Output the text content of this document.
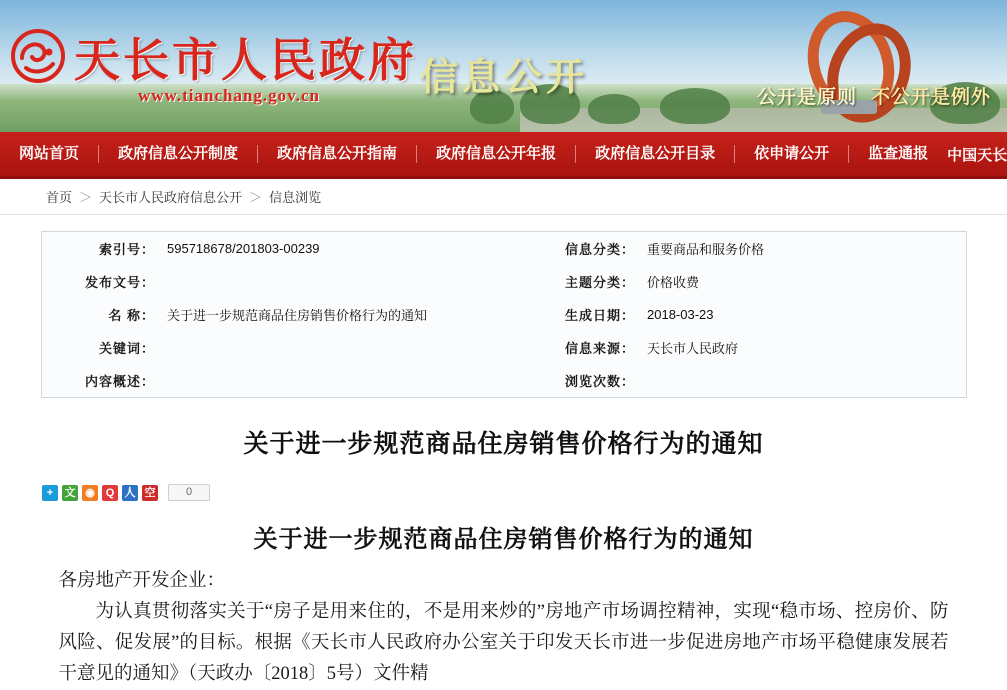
天长市人民政府
www.tianchang.gov.cn	信息公开	公开是原则 不公开是例外
网站首页	政府信息公开制度	政府信息公开指南	政府信息公开年报	政府信息公开目录	依申请公开	监查通报	中国天长
首页 ＞ 天长市人民政府信息公开 ＞ 信息浏览
索引号：	595718678/201803-00239	信息分类：	重要商品和服务价格
发布文号：		主题分类：	价格收费
名 称：	关于进一步规范商品住房销售价格行为的通知	生成日期：	2018-03-23
关键词：		信息来源：	天长市人民政府
内容概述：		浏览次数：	
关于进一步规范商品住房销售价格行为的通知
+	文 ◉ Q 人 空	0
关于进一步规范商品住房销售价格行为的通知

各房地产开发企业：

为认真贯彻落实关于“房子是用来住的，不是用来炒的”房地产市场调控精神，实现“稳市场、控房价、防风险、促发展”的目标。根据《天长市人民政府办公室关于印发天长市进一步促进房地产市场平稳健康发展若干意见的通知》（天政办〔2018〕5号）文件精
